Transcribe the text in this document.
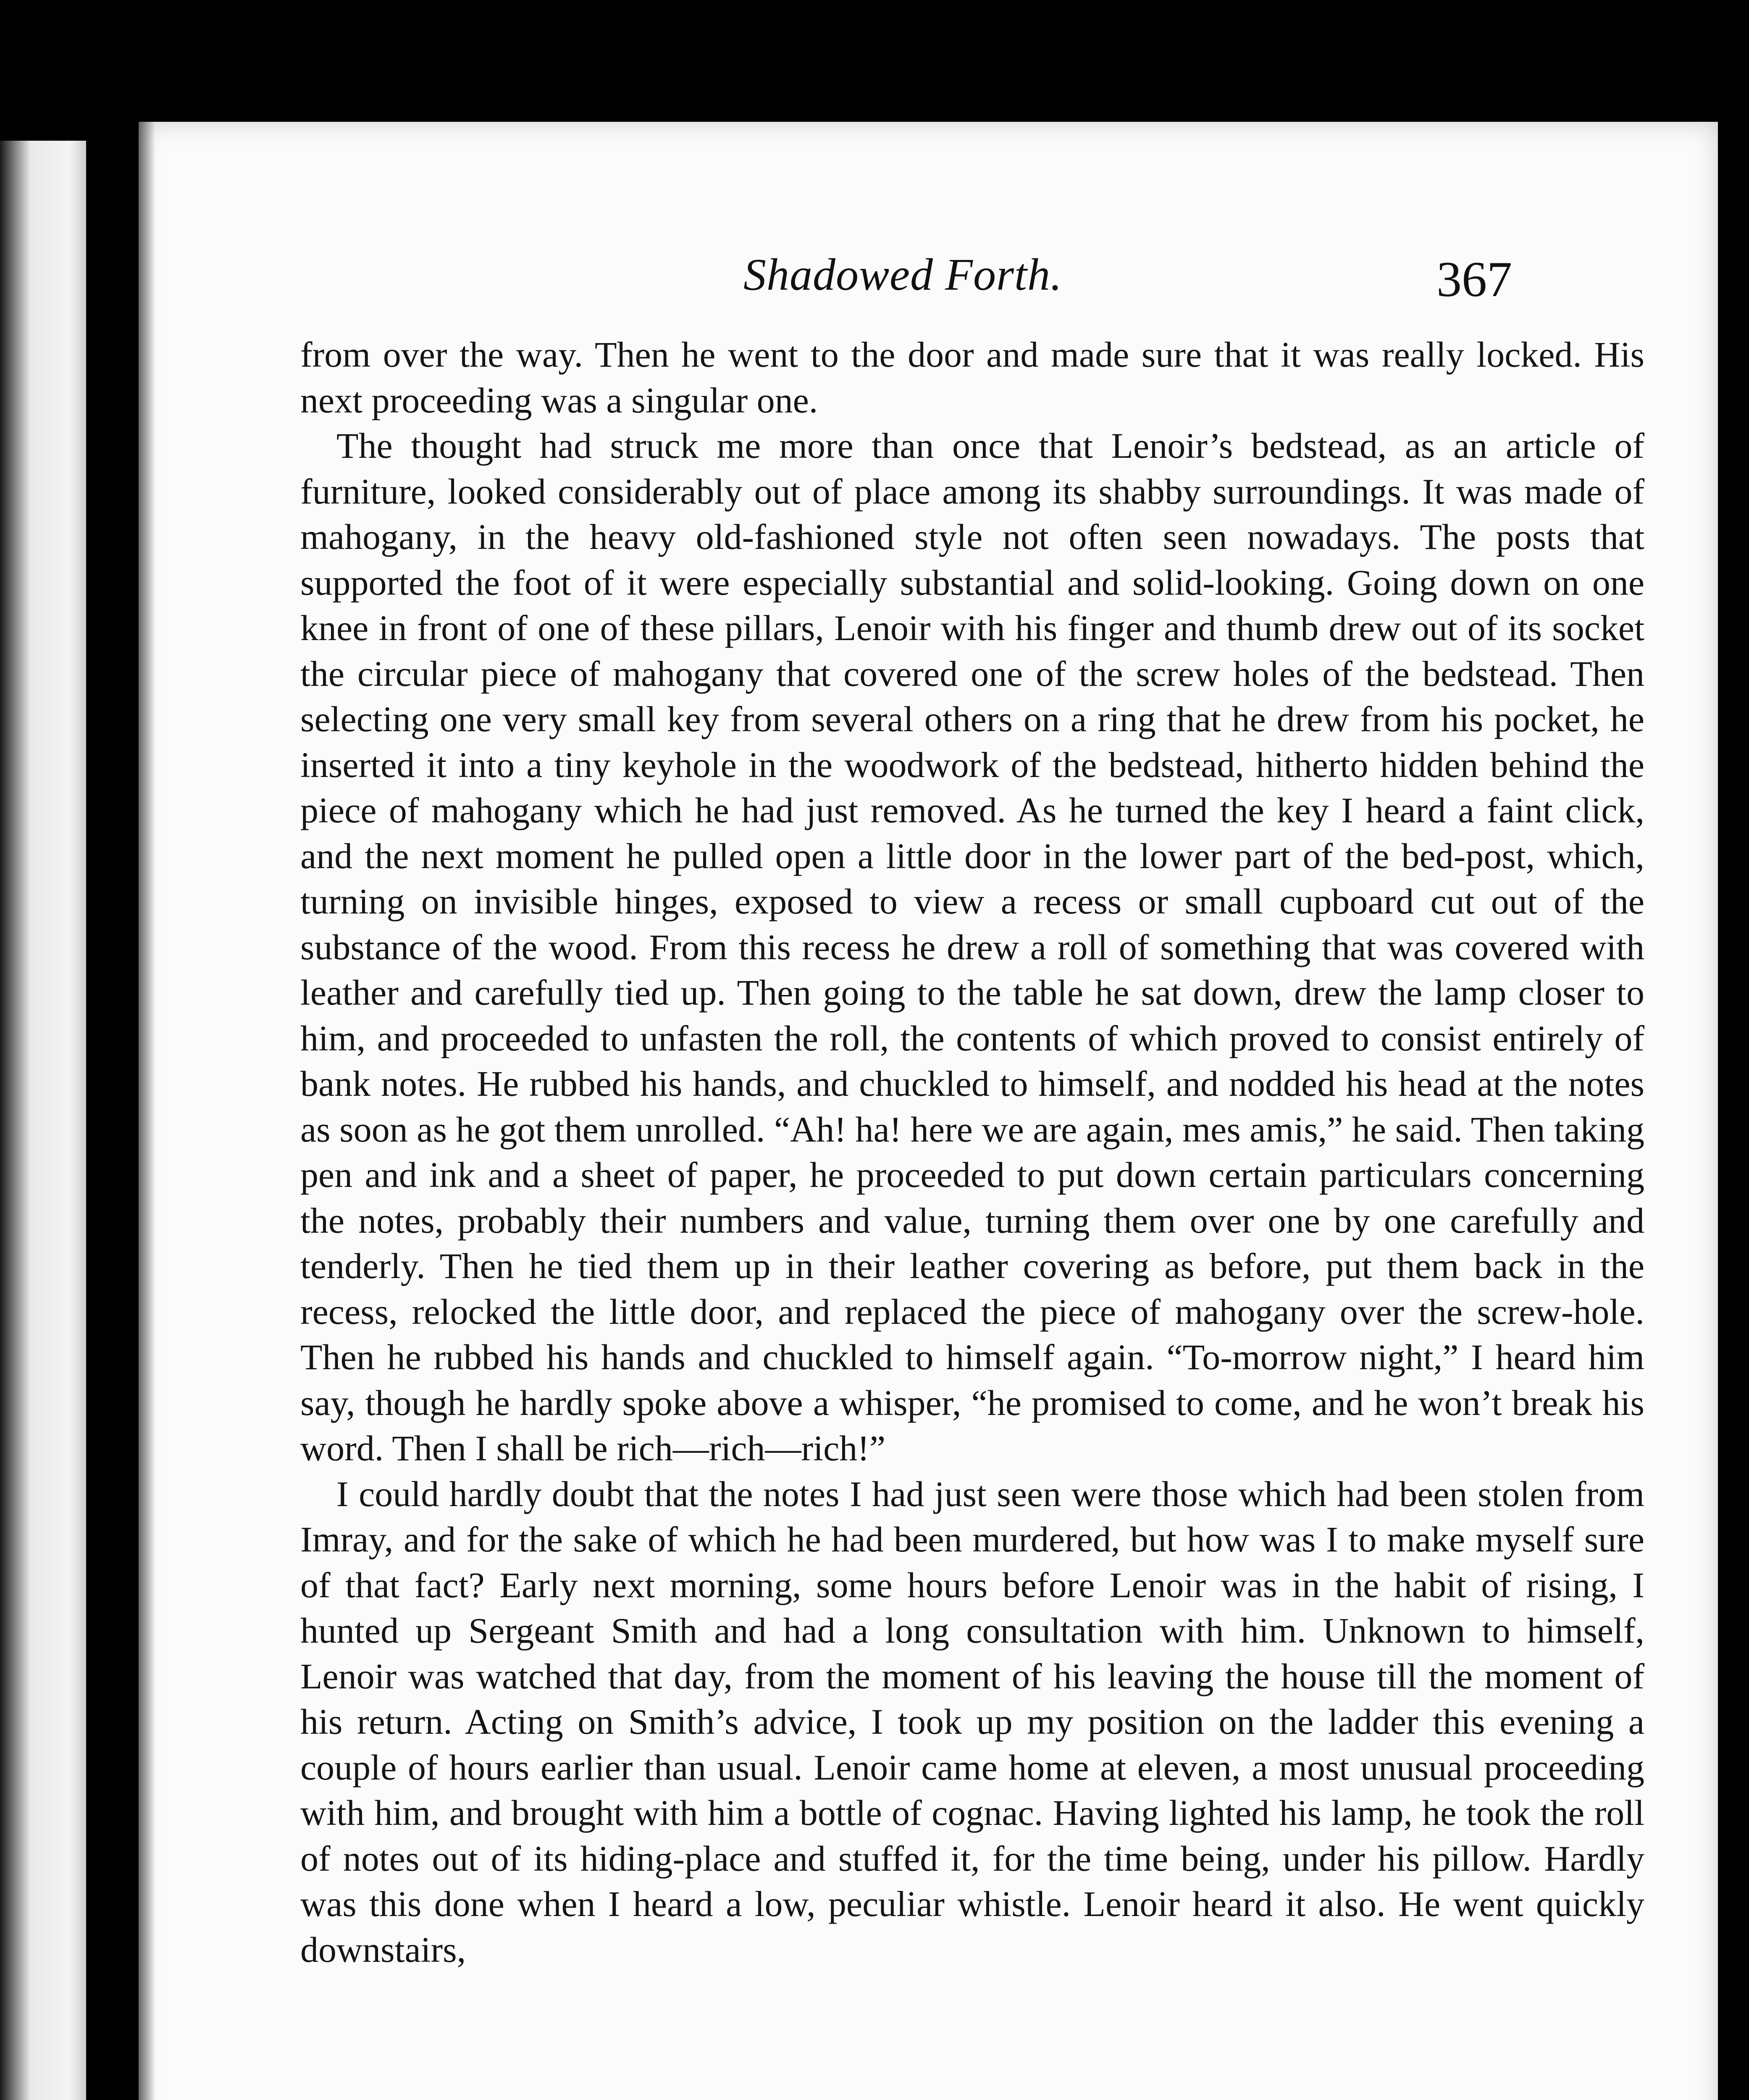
Shadowed Forth.	367

from over the way. Then he went to the door and made sure that it was really locked. His next proceeding was a singular one.

The thought had struck me more than once that Lenoir’s bedstead, as an article of furniture, looked considerably out of place among its shabby surroundings. It was made of mahogany, in the heavy old-fashioned style not often seen nowadays. The posts that supported the foot of it were especially substantial and solid-looking. Going down on one knee in front of one of these pillars, Lenoir with his finger and thumb drew out of its socket the circular piece of mahogany that covered one of the screw holes of the bedstead. Then selecting one very small key from several others on a ring that he drew from his pocket, he inserted it into a tiny keyhole in the woodwork of the bedstead, hitherto hidden behind the piece of mahogany which he had just removed. As he turned the key I heard a faint click, and the next moment he pulled open a little door in the lower part of the bed-post, which, turning on invisible hinges, exposed to view a recess or small cupboard cut out of the substance of the wood. From this recess he drew a roll of something that was covered with leather and carefully tied up. Then going to the table he sat down, drew the lamp closer to him, and proceeded to unfasten the roll, the contents of which proved to consist entirely of bank notes. He rubbed his hands, and chuckled to himself, and nodded his head at the notes as soon as he got them unrolled. “Ah! ha! here we are again, mes amis,” he said. Then taking pen and ink and a sheet of paper, he proceeded to put down certain particulars concerning the notes, probably their numbers and value, turning them over one by one carefully and tenderly. Then he tied them up in their leather covering as before, put them back in the recess, relocked the little door, and replaced the piece of mahogany over the screw-hole. Then he rubbed his hands and chuckled to himself again. “To-morrow night,” I heard him say, though he hardly spoke above a whisper, “he promised to come, and he won’t break his word. Then I shall be rich—rich—rich!”

I could hardly doubt that the notes I had just seen were those which had been stolen from Imray, and for the sake of which he had been murdered, but how was I to make myself sure of that fact? Early next morning, some hours before Lenoir was in the habit of rising, I hunted up Sergeant Smith and had a long consultation with him. Unknown to himself, Lenoir was watched that day, from the moment of his leaving the house till the moment of his return. Acting on Smith’s advice, I took up my position on the ladder this evening a couple of hours earlier than usual. Lenoir came home at eleven, a most unusual proceeding with him, and brought with him a bottle of cognac. Having lighted his lamp, he took the roll of notes out of its hiding-place and stuffed it, for the time being, under his pillow. Hardly was this done when I heard a low, peculiar whistle. Lenoir heard it also. He went quickly downstairs,
